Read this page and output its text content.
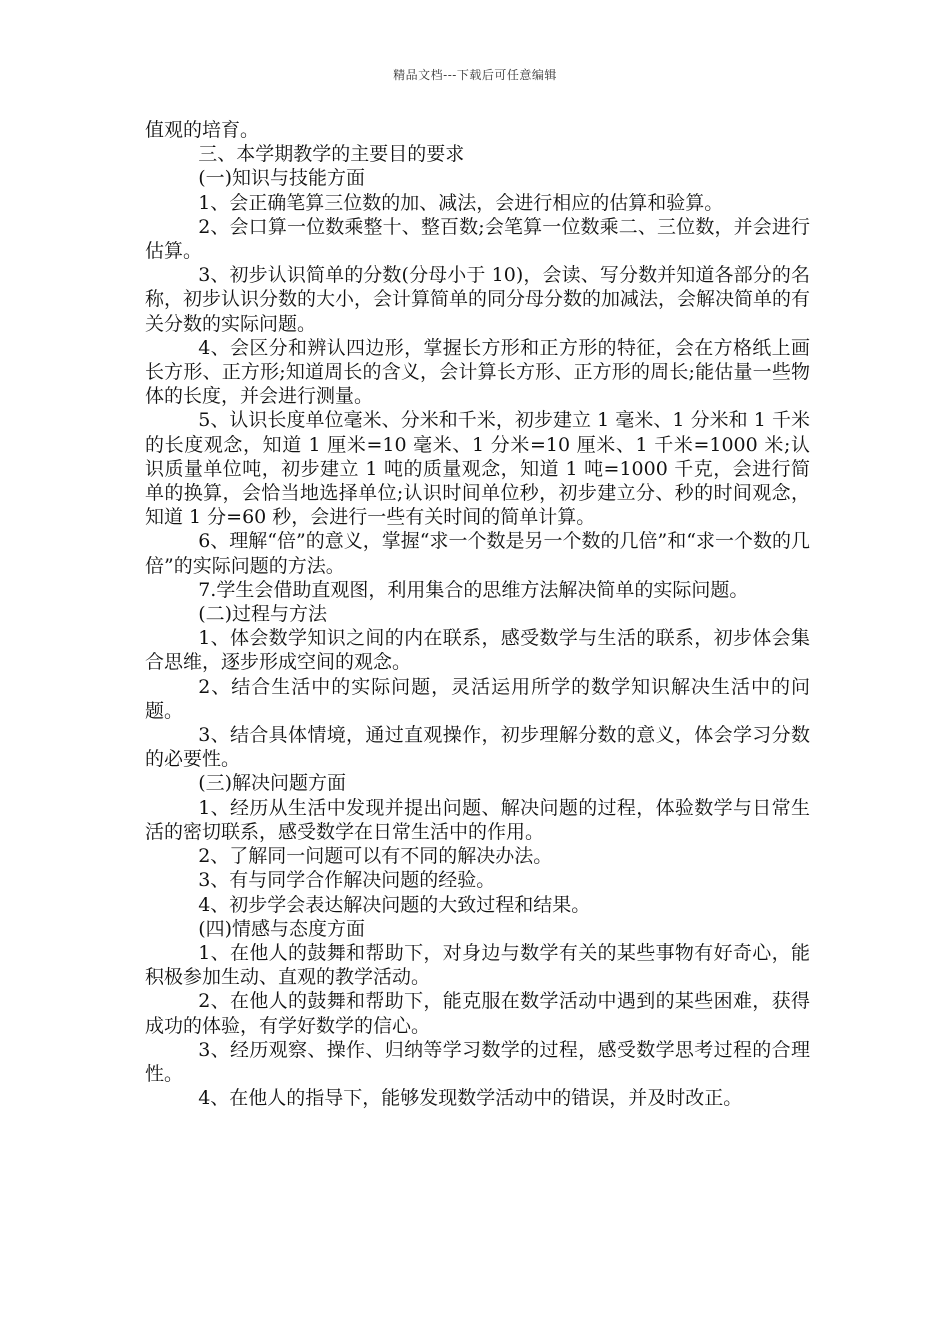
精品文档---下载后可任意编辑

值观的培育。

三、本学期教学的主要目的要求

(一)知识与技能方面

1、会正确笔算三位数的加、减法，会进行相应的估算和验算。

2、会口算一位数乘整十、整百数;会笔算一位数乘二、三位数，并会进行估算。

3、初步认识简单的分数(分母小于 10)，会读、写分数并知道各部分的名称，初步认识分数的大小，会计算简单的同分母分数的加减法，会解决简单的有关分数的实际问题。

4、会区分和辨认四边形，掌握长方形和正方形的特征，会在方格纸上画长方形、正方形;知道周长的含义，会计算长方形、正方形的周长;能估量一些物体的长度，并会进行测量。

5、认识长度单位毫米、分米和千米，初步建立 1 毫米、1 分米和 1 千米的长度观念，知道 1 厘米=10 毫米、1 分米=10 厘米、1 千米=1000 米;认识质量单位吨，初步建立 1 吨的质量观念，知道 1 吨=1000 千克，会进行简单的换算，会恰当地选择单位;认识时间单位秒，初步建立分、秒的时间观念，知道 1 分=60 秒，会进行一些有关时间的简单计算。

6、理解“倍”的意义，掌握“求一个数是另一个数的几倍”和“求一个数的几倍”的实际问题的方法。

7.学生会借助直观图，利用集合的思维方法解决简单的实际问题。

(二)过程与方法

1、体会数学知识之间的内在联系，感受数学与生活的联系，初步体会集合思维，逐步形成空间的观念。

2、结合生活中的实际问题，灵活运用所学的数学知识解决生活中的问题。

3、结合具体情境，通过直观操作，初步理解分数的意义，体会学习分数的必要性。

(三)解决问题方面

1、经历从生活中发现并提出问题、解决问题的过程，体验数学与日常生活的密切联系，感受数学在日常生活中的作用。

2、了解同一问题可以有不同的解决办法。

3、有与同学合作解决问题的经验。

4、初步学会表达解决问题的大致过程和结果。

(四)情感与态度方面

1、在他人的鼓舞和帮助下，对身边与数学有关的某些事物有好奇心，能积极参加生动、直观的教学活动。

2、在他人的鼓舞和帮助下，能克服在数学活动中遇到的某些困难，获得成功的体验，有学好数学的信心。

3、经历观察、操作、归纳等学习数学的过程，感受数学思考过程的合理性。

4、在他人的指导下，能够发现数学活动中的错误，并及时改正。
